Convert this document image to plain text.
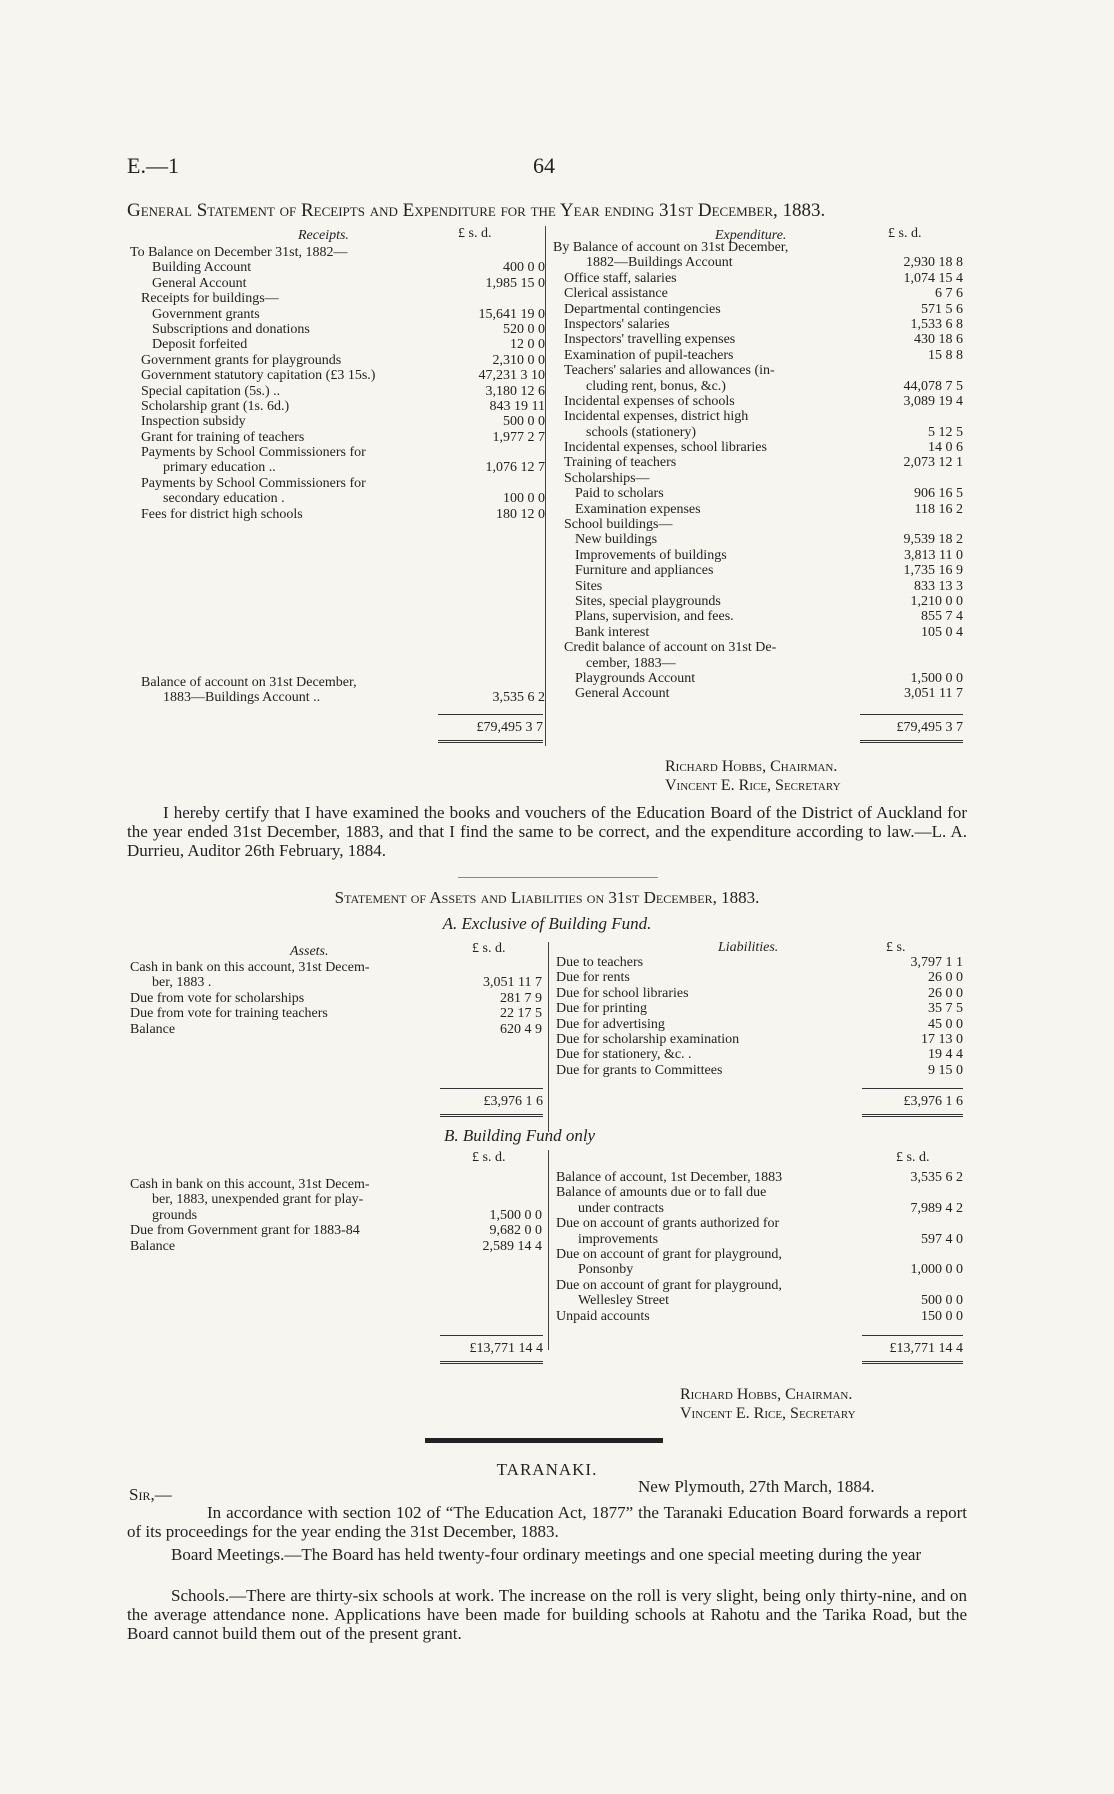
E.—1	64
General Statement of Receipts and Expenditure for the Year ending 31st December, 1883.
Receipts.	£ s. d.	Expenditure.	£ s. d.
To Balance on December 31st, 1882—
Building Account	400 0 0
General Account	1,985 15 0
Receipts for buildings—
Government grants	15,641 19 0
Subscriptions and donations	520 0 0
Deposit forfeited	12 0 0
Government grants for playgrounds	2,310 0 0
Government statutory capitation (£3 15s.)	47,231 3 10
Special capitation (5s.) ..	3,180 12 6
Scholarship grant (1s. 6d.)	843 19 11
Inspection subsidy	500 0 0
Grant for training of teachers	1,977 2 7
Payments by School Commissioners for
primary education ..	1,076 12 7
Payments by School Commissioners for
secondary education .	100 0 0
Fees for district high schools	180 12 0
Balance of account on 31st December,
1883—Buildings Account ..	3,535 6 2
By Balance of account on 31st December,
1882—Buildings Account	2,930 18 8
Office staff, salaries	1,074 15 4
Clerical assistance	6 7 6
Departmental contingencies	571 5 6
Inspectors' salaries	1,533 6 8
Inspectors' travelling expenses	430 18 6
Examination of pupil-teachers	15 8 8
Teachers' salaries and allowances (in-
cluding rent, bonus, &c.)	44,078 7 5
Incidental expenses of schools	3,089 19 4
Incidental expenses, district high
schools (stationery)	5 12 5
Incidental expenses, school libraries	14 0 6
Training of teachers	2,073 12 1
Scholarships—
Paid to scholars	906 16 5
Examination expenses	118 16 2
School buildings—
New buildings	9,539 18 2
Improvements of buildings	3,813 11 0
Furniture and appliances	1,735 16 9
Sites	833 13 3
Sites, special playgrounds	1,210 0 0
Plans, supervision, and fees.	855 7 4
Bank interest	105 0 4
Credit balance of account on 31st De-
cember, 1883—
Playgrounds Account	1,500 0 0
General Account	3,051 11 7
£79,495 3 7	£79,495 3 7
Richard Hobbs, Chairman.
Vincent E. Rice, Secretary
I hereby certify that I have examined the books and vouchers of the Education Board of the District of Auckland for the year ended 31st December, 1883, and that I find the same to be correct, and the expenditure according to law.—L. A. Durrieu, Auditor 26th February, 1884.
Statement of Assets and Liabilities on 31st December, 1883.
A. Exclusive of Building Fund.
Assets.	£ s. d.	Liabilities.	£ s.
Cash in bank on this account, 31st Decem-
ber, 1883 .	3,051 11 7
Due from vote for scholarships	281 7 9
Due from vote for training teachers	22 17 5
Balance	620 4 9
Due to teachers	3,797 1 1
Due for rents	26 0 0
Due for school libraries	26 0 0
Due for printing	35 7 5
Due for advertising	45 0 0
Due for scholarship examination	17 13 0
Due for stationery, &c. .	19 4 4
Due for grants to Committees	9 15 0
£3,976 1 6	£3,976 1 6
B. Building Fund only
£ s. d.	£ s. d.
Cash in bank on this account, 31st Decem-
ber, 1883, unexpended grant for play-
grounds	1,500 0 0
Due from Government grant for 1883-84	9,682 0 0
Balance	2,589 14 4
Balance of account, 1st December, 1883	3,535 6 2
Balance of amounts due or to fall due
under contracts	7,989 4 2
Due on account of grants authorized for
improvements	597 4 0
Due on account of grant for playground,
Ponsonby	1,000 0 0
Due on account of grant for playground,
Wellesley Street	500 0 0
Unpaid accounts	150 0 0
£13,771 14 4	£13,771 14 4
Richard Hobbs, Chairman.
Vincent E. Rice, Secretary
TARANAKI.
Sir,—	New Plymouth, 27th March, 1884.
In accordance with section 102 of “The Education Act, 1877” the Taranaki Education Board forwards a report of its proceedings for the year ending the 31st December, 1883.
Board Meetings.—The Board has held twenty-four ordinary meetings and one special meeting during the year
Schools.—There are thirty-six schools at work. The increase on the roll is very slight, being only thirty-nine, and on the average attendance none. Applications have been made for building schools at Rahotu and the Tarika Road, but the Board cannot build them out of the present grant.
